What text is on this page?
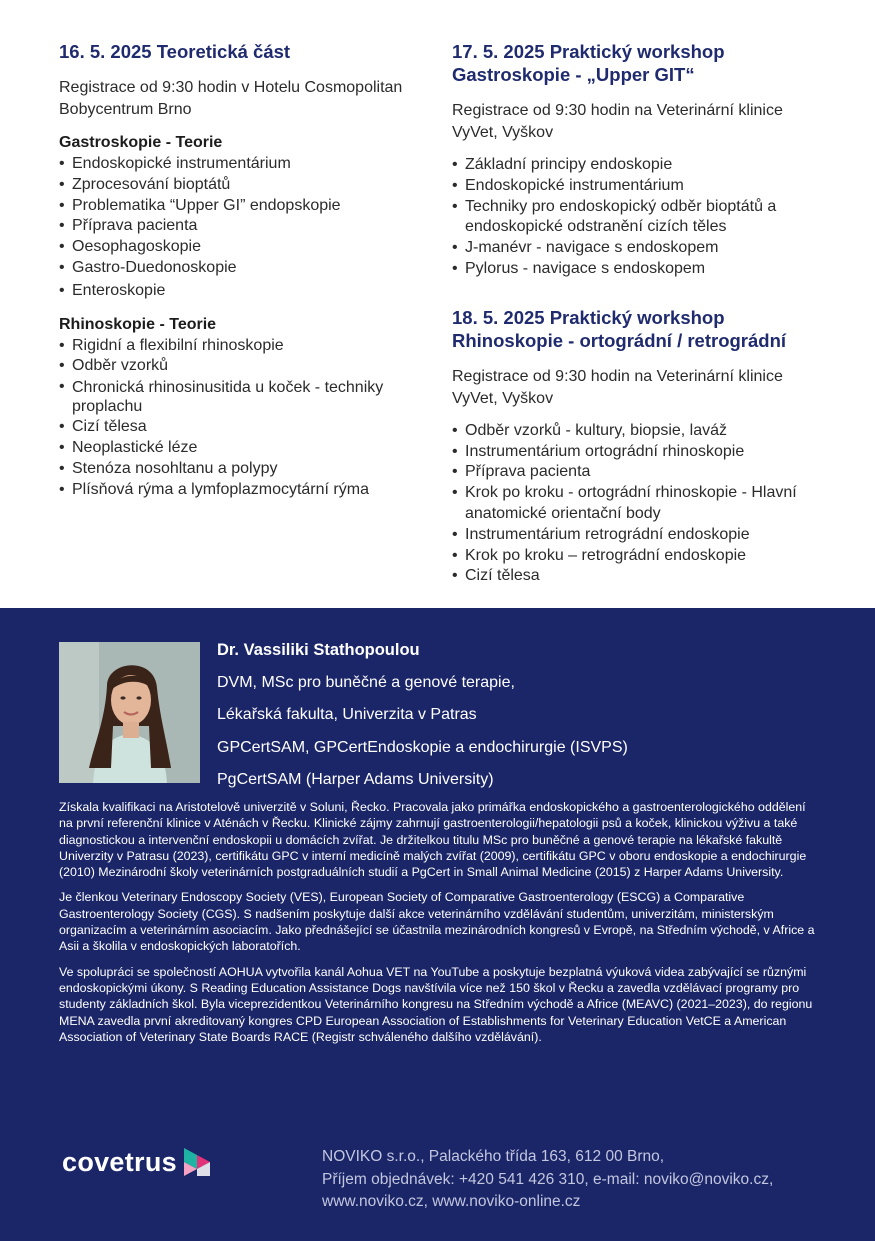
16. 5. 2025 Teoretická část

Registrace od 9:30 hodin v Hotelu Cosmopolitan Bobycentrum Brno

Gastroskopie - Teorie
• Endoskopické instrumentárium
• Zprocesování bioptátů
• Problematika “Upper GI” endopskopie
• Příprava pacienta
• Oesophagoskopie
• Gastro-Duedonoskopie
• Enteroskopie
Rhinoskopie - Teorie
• Rigidní a flexibilní rhinoskopie
• Odběr vzorků
• Chronická rhinosinusitida u koček - techniky proplachu
• Cizí tělesa
• Neoplastické léze
• Stenóza nosohltanu a polypy
• Plísňová rýma a lymfoplazmocytární rýma
17. 5. 2025 Praktický workshop
Gastroskopie - „Upper GIT“

Registrace od 9:30 hodin na Veterinární klinice VyVet, Vyškov

• Základní principy endoskopie
• Endoskopické instrumentárium
• Techniky pro endoskopický odběr bioptátů a endoskopické odstranění cizích těles
• J-manévr - navigace s endoskopem
• Pylorus - navigace s endoskopem
18. 5. 2025 Praktický workshop
Rhinoskopie - ortográdní / retrográdní

Registrace od 9:30 hodin na Veterinární klinice VyVet, Vyškov

• Odběr vzorků - kultury, biopsie, laváž
• Instrumentárium ortográdní rhinoskopie
• Příprava pacienta
• Krok po kroku - ortográdní rhinoskopie - Hlavní anatomické orientační body
• Instrumentárium retrográdní endoskopie
• Krok po kroku – retrográdní endoskopie
• Cizí tělesa
Dr. Vassiliki Stathopoulou
DVM, MSc pro buněčné a genové terapie,
Lékařská fakulta, Univerzita v Patras
GPCertSAM, GPCertEndoskopie a endochirurgie (ISVPS)
PgCertSAM (Harper Adams University)

Získala kvalifikaci na Aristotelově univerzitě v Soluni, Řecko. Pracovala jako primářka endoskopického a gastroenterologického oddělení na první referenční klinice v Aténách v Řecku. Klinické zájmy zahrnují gastroenterologii/hepatologii psů a koček, klinickou výživu a také diagnostickou a intervenční endoskopii u domácích zvířat. Je držitelkou titulu MSc pro buněčné a genové terapie na lékařské fakultě Univerzity v Patrasu (2023), certifikátu GPC v interní medicíně malých zvířat (2009), certifikátu GPC v oboru endoskopie a endochirurgie (2010) Mezinárodní školy veterinárních postgraduálních studií a PgCert in Small Animal Medicine (2015) z Harper Adams University.

Je členkou Veterinary Endoscopy Society (VES), European Society of Comparative Gastroenterology (ESCG) a Comparative Gastroenterology Society (CGS). S nadšením poskytuje další akce veterinárního vzdělávání studentům, univerzitám, ministerským organizacím a veterinárním asociacím. Jako přednášející se účastnila mezinárodních kongresů v Evropě, na Středním východě, v Africe a Asii a školila v endoskopických laboratořích.

Ve spolupráci se společností AOHUA vytvořila kanál Aohua VET na YouTube a poskytuje bezplatná výuková videa zabývající se různými endoskopickými úkony. S Reading Education Assistance Dogs navštívila více než 150 škol v Řecku a zavedla vzdělávací programy pro studenty základních škol. Byla viceprezidentkou Veterinárního kongresu na Středním východě a Africe (MEAVC) (2021–2023), do regionu MENA zavedla první akreditovaný kongres CPD European Association of Establishments for Veterinary Education VetCE a American Association of Veterinary State Boards RACE (Registr schváleného dalšího vzdělávání).

covetrus	NOVIKO s.r.o., Palackého třída 163, 612 00 Brno,
Příjem objednávek: +420 541 426 310, e-mail: noviko@noviko.cz,
www.noviko.cz, www.noviko-online.cz
